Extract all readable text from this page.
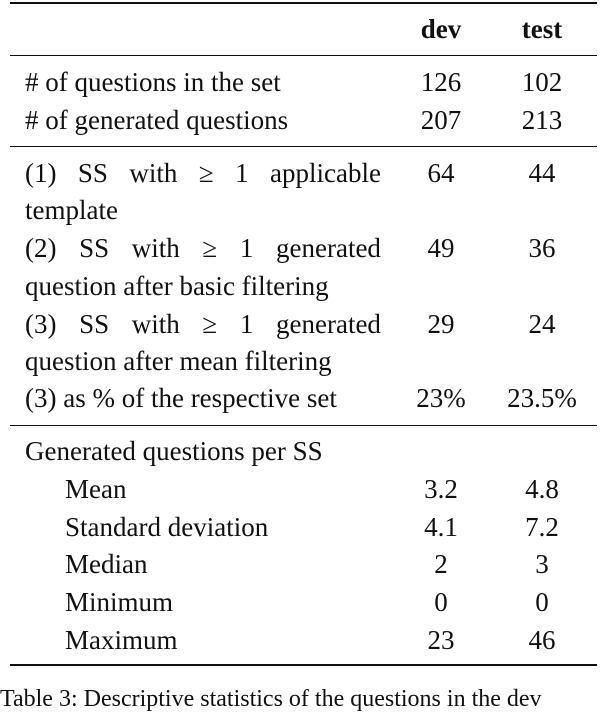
dev	test
# of questions in the set	126	102
# of generated questions	207	213
(1) SS with ≥ 1 applicable	64	44
template
(2) SS with ≥ 1 generated	49	36
question after basic filtering
(3) SS with ≥ 1 generated	29	24
question after mean filtering
(3) as % of the respective set	23%	23.5%
Generated questions per SS
Mean	3.2	4.8
Standard deviation	4.1	7.2
Median	2	3
Minimum	0	0
Maximum	23	46
Table 3: Descriptive statistics of the questions in the dev
